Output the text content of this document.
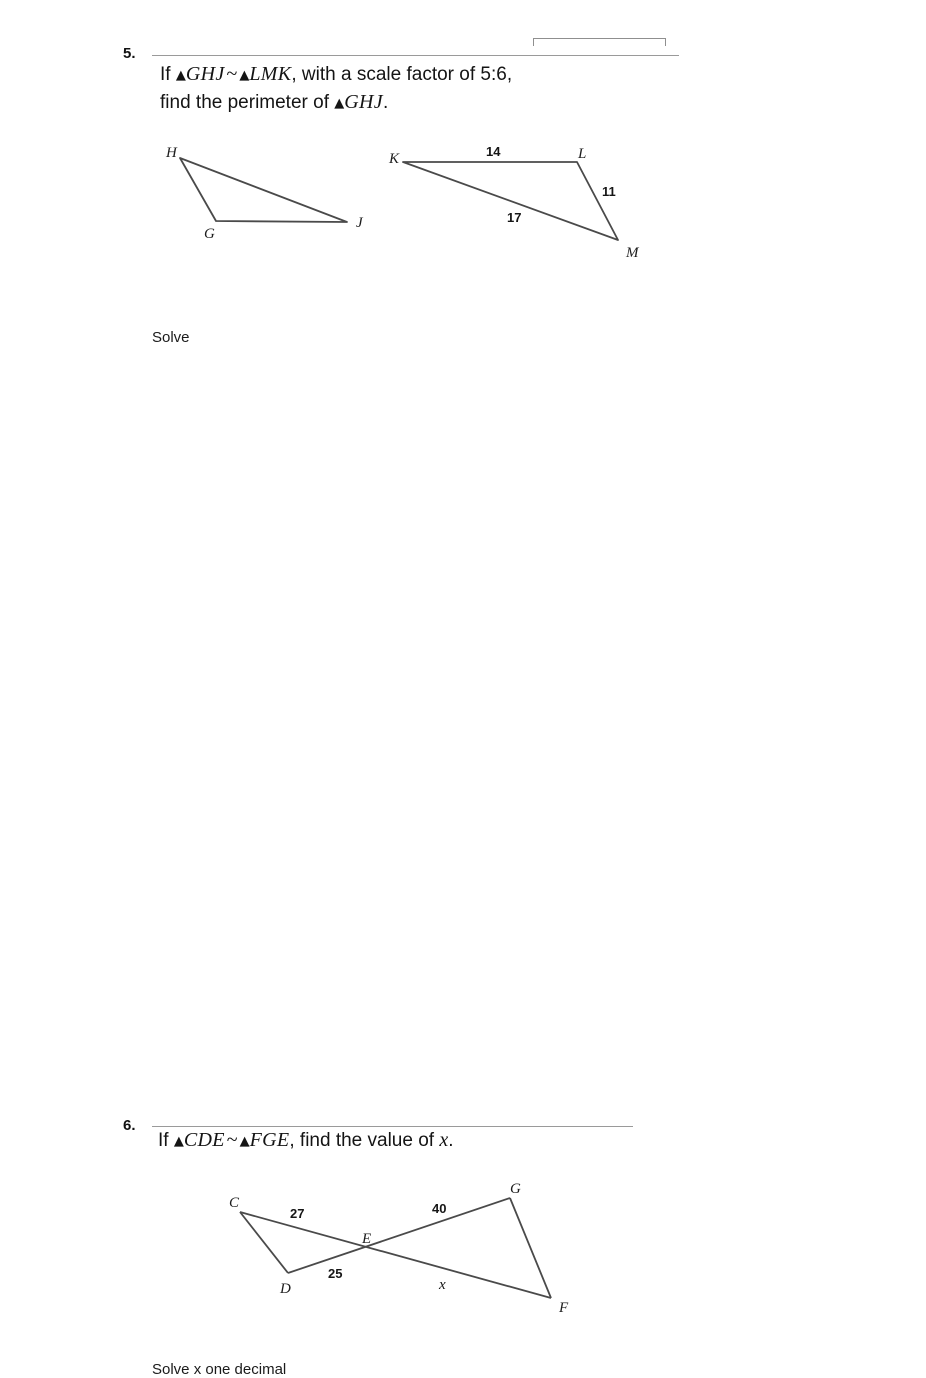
5.
If ▲GHJ ~ ▲LMK, with a scale factor of 5:6,
find the perimeter of ▲GHJ.
H
G
J
K	L
M
14
11
17
Solve
6.
If ▲CDE ~ ▲FGE, find the value of x.
C
D
E
G
F
27
25
40
x
Solve x one decimal
